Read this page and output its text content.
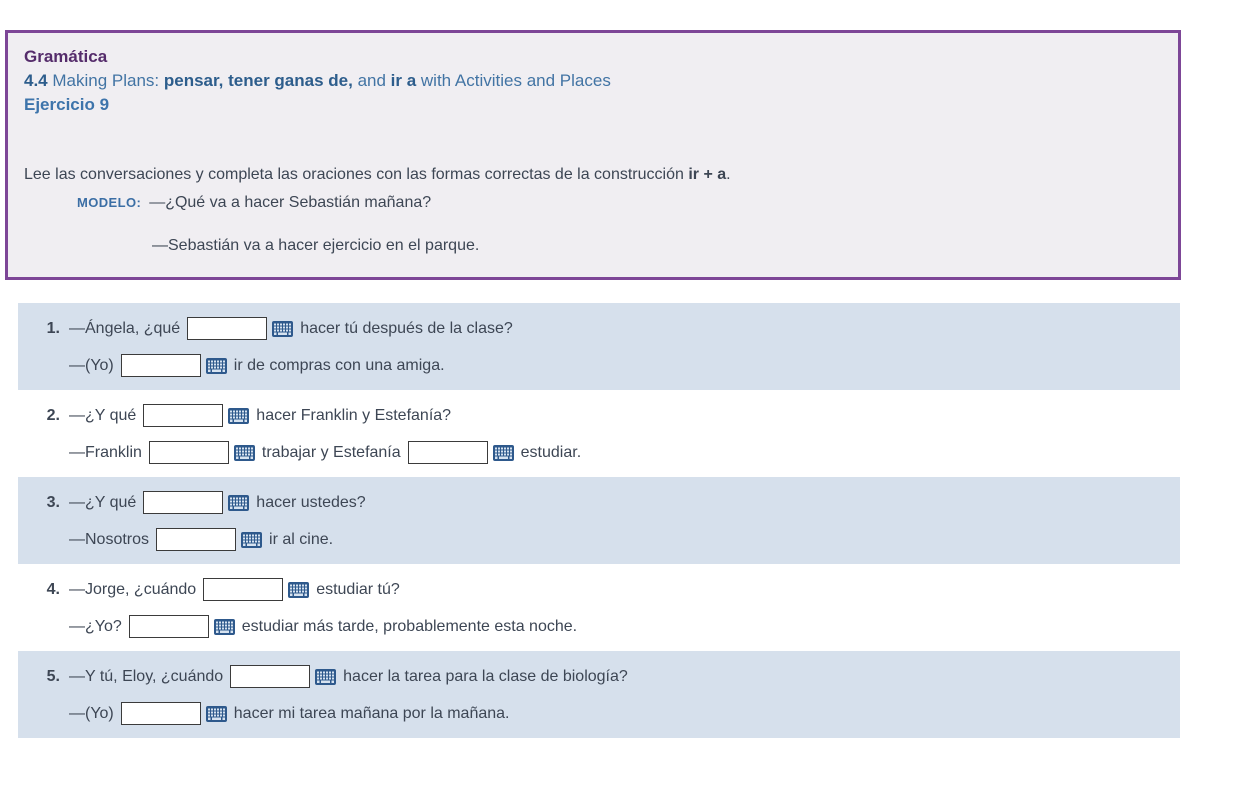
Gramática

4.4 Making Plans: pensar, tener ganas de, and ir a with Activities and Places

Ejercicio 9

Lee las conversaciones y completa las oraciones con las formas correctas de la construcción ir + a.
MODELO: —¿Qué va a hacer Sebastián mañana?
—Sebastián va a hacer ejercicio en el parque.
1. —Ángela, ¿qué	hacer tú después de la clase?
—(Yo)	ir de compras con una amiga.
2. —¿Y qué	hacer Franklin y Estefanía?
—Franklin	trabajar y Estefanía	estudiar.
3. —¿Y qué	hacer ustedes?
—Nosotros	ir al cine.
4. —Jorge, ¿cuándo	estudiar tú?
—¿Yo?	estudiar más tarde, probablemente esta noche.
5. —Y tú, Eloy, ¿cuándo	hacer la tarea para la clase de biología?
—(Yo)	hacer mi tarea mañana por la mañana.
